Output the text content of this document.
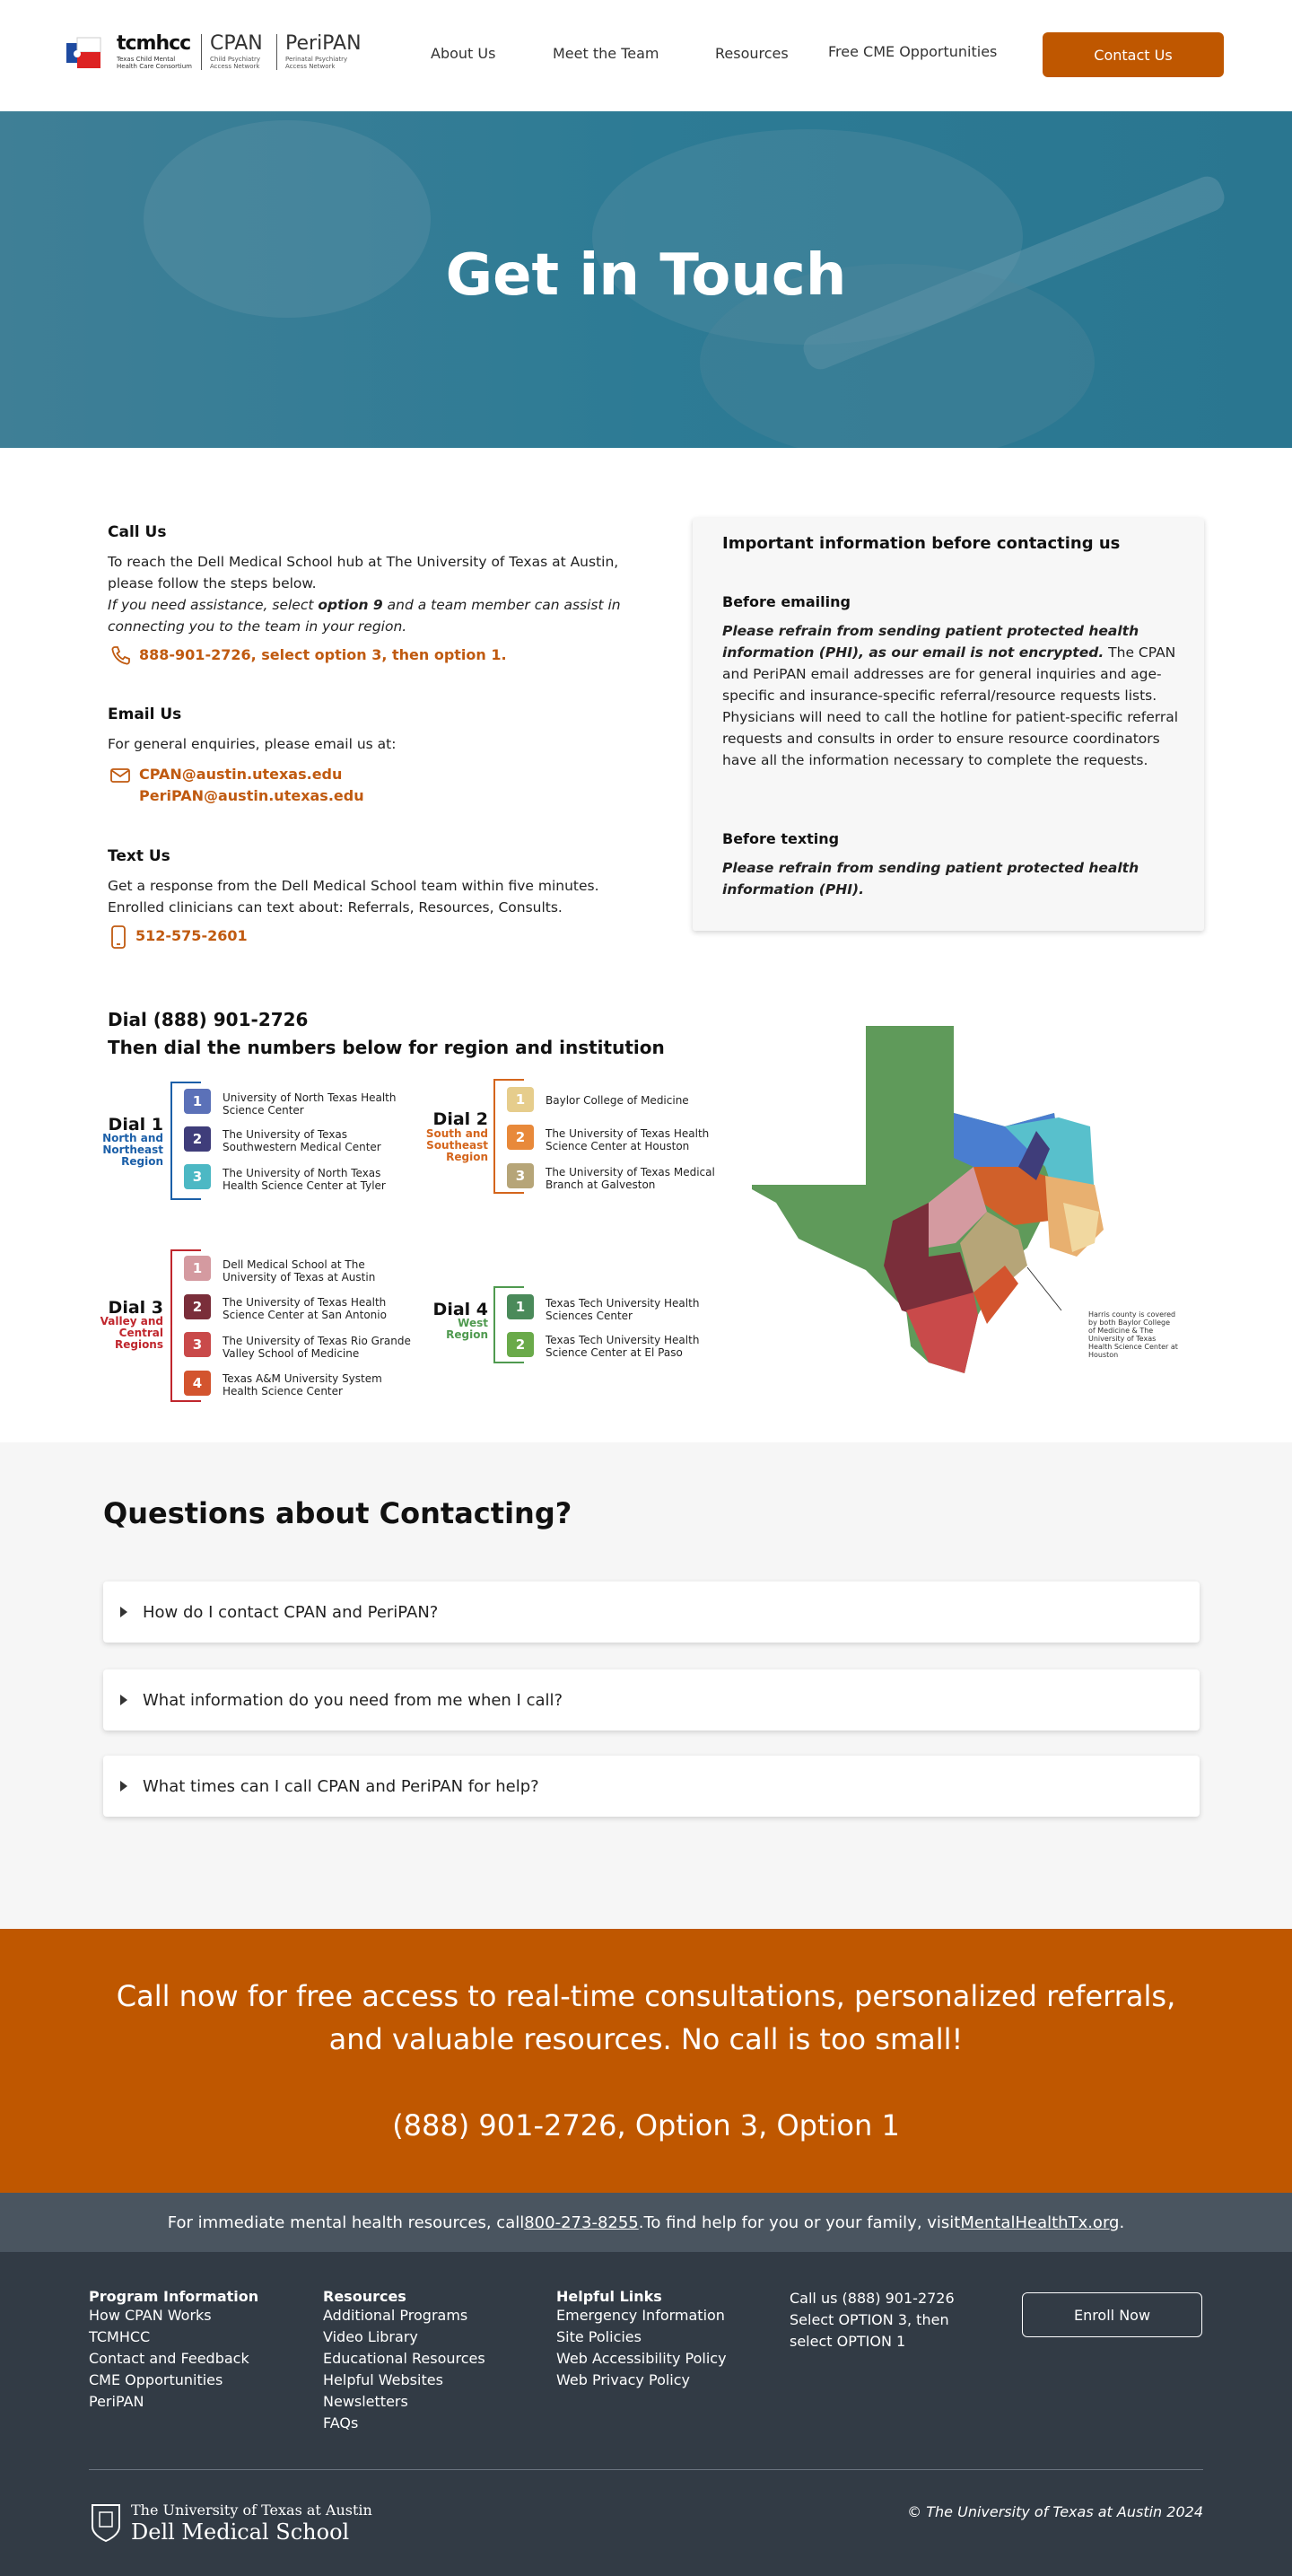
tcmhcc
Texas Child Mental Health Care Consortium
CPAN
Child Psychiatry Access Network
PeriPAN
Perinatal Psychiatry Access Network
About Us	Meet the Team	Resources	Free CME Opportunities	Contact Us
Get in Touch
Call Us
To reach the Dell Medical School hub at The University of Texas at Austin, please follow the steps below.
If you need assistance, select option 9 and a team member can assist in connecting you to the team in your region.
888-901-2726, select option 3, then option 1.
Email Us
For general enquiries, please email us at:
CPAN@austin.utexas.edu
PeriPAN@austin.utexas.edu
Text Us
Get a response from the Dell Medical School team within five minutes. Enrolled clinicians can text about: Referrals, Resources, Consults.
512-575-2601
Important information before contacting us
Before emailing
Please refrain from sending patient protected health information (PHI), as our email is not encrypted. The CPAN and PeriPAN email addresses are for general inquiries and age-specific and insurance-specific referral/resource requests lists. Physicians will need to call the hotline for patient-specific referral requests and consults in order to ensure resource coordinators have all the information necessary to complete the requests.
Before texting
Please refrain from sending patient protected health information (PHI).
Dial (888) 901-2726
Then dial the numbers below for region and institution
Dial 1
North and Northeast Region
1	University of North Texas Health Science Center
2	The University of Texas Southwestern Medical Center
3	The University of North Texas Health Science Center at Tyler
Dial 2
South and Southeast Region
1	Baylor College of Medicine
2	The University of Texas Health Science Center at Houston
3	The University of Texas Medical Branch at Galveston
Dial 3
Valley and Central Regions
1	Dell Medical School at The University of Texas at Austin
2	The University of Texas Health Science Center at San Antonio
3	The University of Texas Rio Grande Valley School of Medicine
4	Texas A&M University System Health Science Center
Dial 4
West Region
1	Texas Tech University Health Sciences Center
2	Texas Tech University Health Science Center at El Paso
Harris county is covered by both Baylor College of Medicine & The University of Texas Health Science Center at Houston
Questions about Contacting?
How do I contact CPAN and PeriPAN?
What information do you need from me when I call?
What times can I call CPAN and PeriPAN for help?
Call now for free access to real-time consultations, personalized referrals,
and valuable resources. No call is too small!
(888) 901-2726, Option 3, Option 1
For immediate mental health resources, call 800-273-8255 .To find help for you or your family, visit MentalHealthTx.org .
Program Information
How CPAN Works
TCMHCC
Contact and Feedback
CME Opportunities
PeriPAN
Resources
Additional Programs
Video Library
Educational Resources
Helpful Websites
Newsletters
FAQs
Helpful Links
Emergency Information
Site Policies
Web Accessibility Policy
Web Privacy Policy
Call us (888) 901-2726
Select OPTION 3, then
select OPTION 1
Enroll Now
The University of Texas at Austin
Dell Medical School
© The University of Texas at Austin 2024
